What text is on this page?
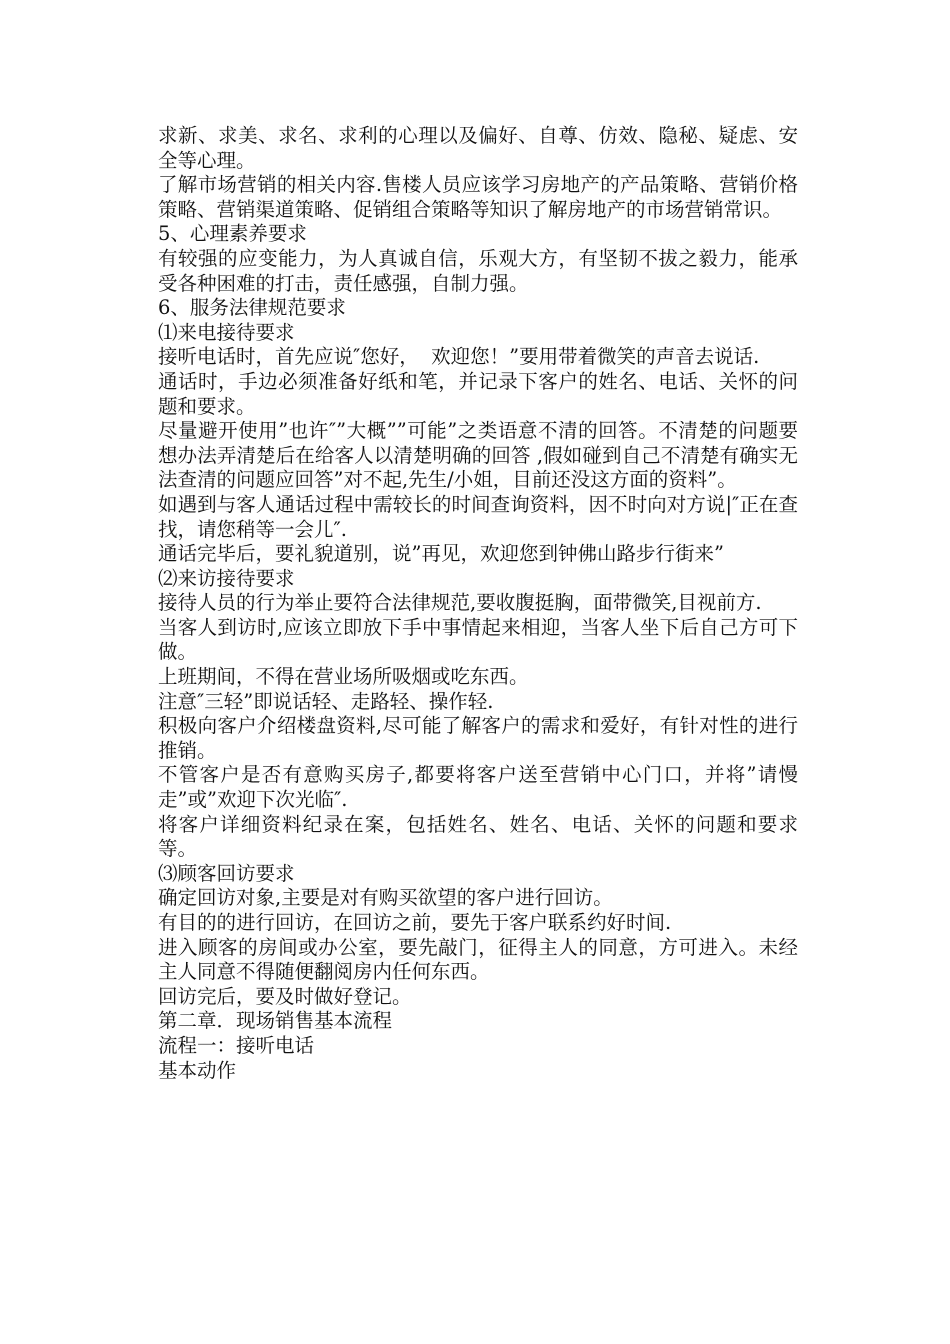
求新、求美、求名、求利的心理以及偏好、自尊、仿效、隐秘、疑虑、安全等心理。

了解市场营销的相关内容.售楼人员应该学习房地产的产品策略、营销价格策略、营销渠道策略、促销组合策略等知识了解房地产的市场营销常识。

5、心理素养要求

有较强的应变能力，为人真诚自信，乐观大方，有坚韧不拔之毅力，能承受各种困难的打击，责任感强，自制力强。

6、服务法律规范要求

⑴来电接待要求

接听电话时，首先应说″您好，  欢迎您！”要用带着微笑的声音去说话.

通话时，手边必须准备好纸和笔，并记录下客户的姓名、电话、关怀的问题和要求。

尽量避开使用”也许″”大概””可能”之类语意不清的回答。不清楚的问题要想办法弄清楚后在给客人以清楚明确的回答 ,假如碰到自己不清楚有确实无法查清的问题应回答”对不起,先生/小姐，目前还没这方面的资料”。

如遇到与客人通话过程中需较长的时间查询资料，因不时向对方说|″正在查找，请您稍等一会儿″.

通话完毕后，要礼貌道别，说”再见，欢迎您到钟佛山路步行街来”

⑵来访接待要求

接待人员的行为举止要符合法律规范,要收腹挺胸，面带微笑,目视前方.

当客人到访时,应该立即放下手中事情起来相迎，当客人坐下后自己方可下做。

上班期间，不得在营业场所吸烟或吃东西。

注意″三轻”即说话轻、走路轻、操作轻.

积极向客户介绍楼盘资料,尽可能了解客户的需求和爱好，有针对性的进行推销。

不管客户是否有意购买房子,都要将客户送至营销中心门口，并将”请慢走”或”欢迎下次光临″.

将客户详细资料纪录在案，包括姓名、姓名、电话、关怀的问题和要求等。

⑶顾客回访要求

确定回访对象,主要是对有购买欲望的客户进行回访。

有目的的进行回访，在回访之前，要先于客户联系约好时间.

进入顾客的房间或办公室，要先敲门，征得主人的同意，方可进入。未经主人同意不得随便翻阅房内任何东西。

回访完后，要及时做好登记。

第二章．现场销售基本流程

流程一：接听电话

基本动作
